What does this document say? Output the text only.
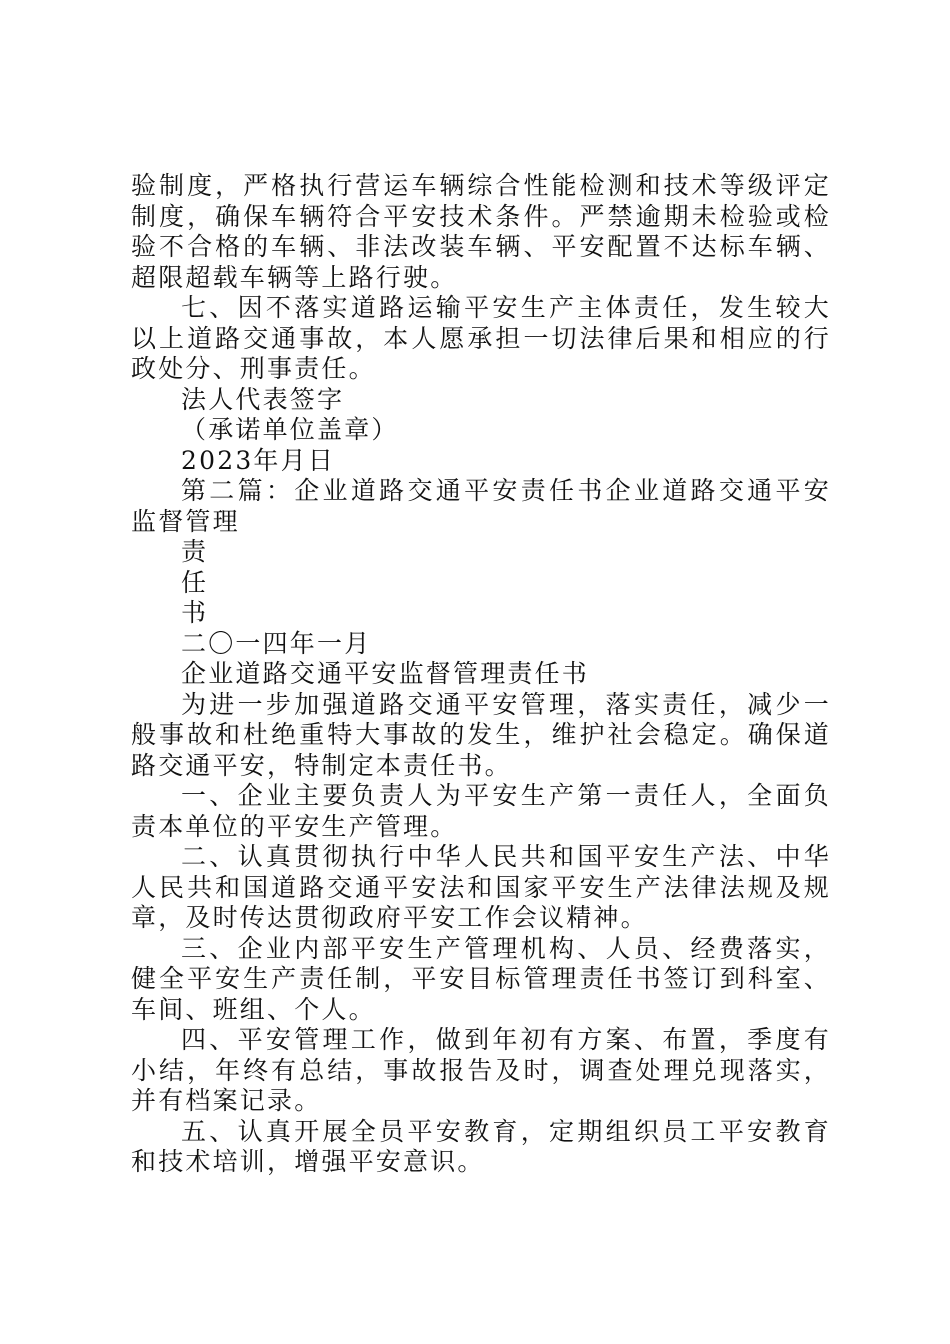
验制度，严格执行营运车辆综合性能检测和技术等级评定制度，确保车辆符合平安技术条件。严禁逾期未检验或检验不合格的车辆、非法改装车辆、平安配置不达标车辆、超限超载车辆等上路行驶。

七、因不落实道路运输平安生产主体责任，发生较大以上道路交通事故，本人愿承担一切法律后果和相应的行政处分、刑事责任。

法人代表签字

（承诺单位盖章）

2023年月日

第二篇：企业道路交通平安责任书企业道路交通平安监督管理

责

任

书

二〇一四年一月

企业道路交通平安监督管理责任书

为进一步加强道路交通平安管理，落实责任，减少一般事故和杜绝重特大事故的发生，维护社会稳定。确保道路交通平安，特制定本责任书。

一、企业主要负责人为平安生产第一责任人，全面负责本单位的平安生产管理。

二、认真贯彻执行中华人民共和国平安生产法、中华人民共和国道路交通平安法和国家平安生产法律法规及规章，及时传达贯彻政府平安工作会议精神。

三、企业内部平安生产管理机构、人员、经费落实，健全平安生产责任制，平安目标管理责任书签订到科室、车间、班组、个人。

四、平安管理工作，做到年初有方案、布置，季度有小结，年终有总结，事故报告及时，调查处理兑现落实，并有档案记录。

五、认真开展全员平安教育，定期组织员工平安教育和技术培训，增强平安意识。
